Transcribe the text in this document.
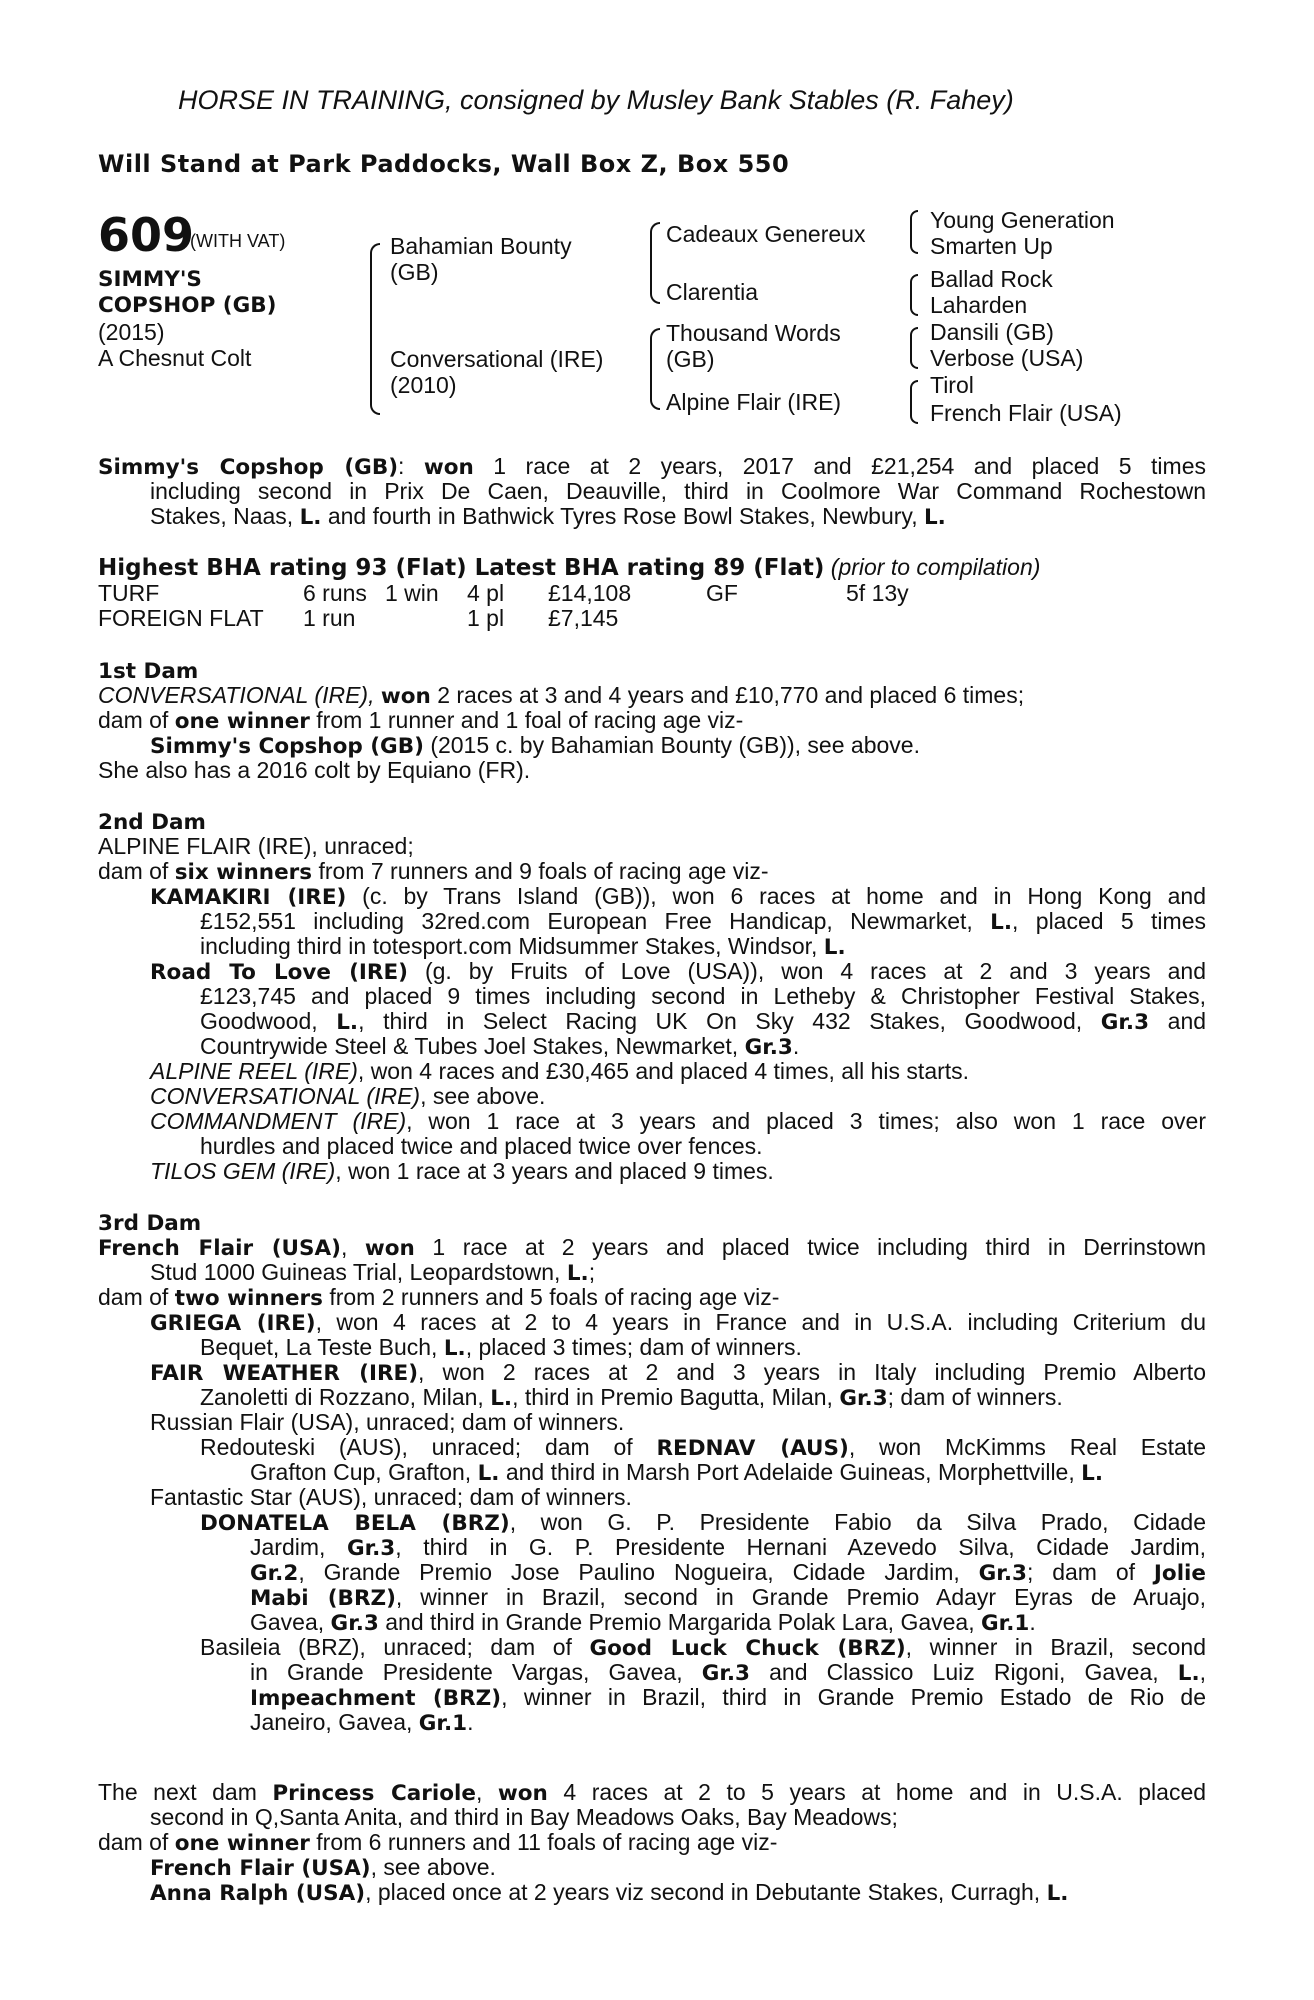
HORSE IN TRAINING, consigned by Musley Bank Stables (R. Fahey)
Will Stand at Park Paddocks, Wall Box Z, Box 550
609
(WITH VAT)
SIMMY'S
COPSHOP (GB)
(2015)
A Chesnut Colt
Bahamian Bounty
(GB)
Conversational (IRE)
(2010)
Cadeaux Genereux
Clarentia
Thousand Words
(GB)
Alpine Flair (IRE)
Young Generation
Smarten Up
Ballad Rock
Laharden
Dansili (GB)
Verbose (USA)
Tirol
French Flair (USA)
Simmy's Copshop (GB): won 1 race at 2 years, 2017 and £21,254 and placed 5 times
including second in Prix De Caen, Deauville, third in Coolmore War Command Rochestown
Stakes, Naas, L. and fourth in Bathwick Tyres Rose Bowl Stakes, Newbury, L.
Highest BHA rating 93 (Flat) Latest BHA rating 89 (Flat) (prior to compilation)
TURF	6 runs 1 win 4 pl £14,108	GF	5f 13y
FOREIGN FLAT 1 run	1 pl £7,145
1st Dam
CONVERSATIONAL (IRE), won 2 races at 3 and 4 years and £10,770 and placed 6 times;
dam of one winner from 1 runner and 1 foal of racing age viz-
Simmy's Copshop (GB) (2015 c. by Bahamian Bounty (GB)), see above.
She also has a 2016 colt by Equiano (FR).
2nd Dam
ALPINE FLAIR (IRE), unraced;
dam of six winners from 7 runners and 9 foals of racing age viz-
KAMAKIRI (IRE) (c. by Trans Island (GB)), won 6 races at home and in Hong Kong and
£152,551 including 32red.com European Free Handicap, Newmarket, L., placed 5 times
including third in totesport.com Midsummer Stakes, Windsor, L.
Road To Love (IRE) (g. by Fruits of Love (USA)), won 4 races at 2 and 3 years and
£123,745 and placed 9 times including second in Letheby & Christopher Festival Stakes,
Goodwood, L., third in Select Racing UK On Sky 432 Stakes, Goodwood, Gr.3 and
Countrywide Steel & Tubes Joel Stakes, Newmarket, Gr.3.
ALPINE REEL (IRE), won 4 races and £30,465 and placed 4 times, all his starts.
CONVERSATIONAL (IRE), see above.
COMMANDMENT (IRE), won 1 race at 3 years and placed 3 times; also won 1 race over
hurdles and placed twice and placed twice over fences.
TILOS GEM (IRE), won 1 race at 3 years and placed 9 times.
3rd Dam
French Flair (USA), won 1 race at 2 years and placed twice including third in Derrinstown
Stud 1000 Guineas Trial, Leopardstown, L.;
dam of two winners from 2 runners and 5 foals of racing age viz-
GRIEGA (IRE), won 4 races at 2 to 4 years in France and in U.S.A. including Criterium du
Bequet, La Teste Buch, L., placed 3 times; dam of winners.
FAIR WEATHER (IRE), won 2 races at 2 and 3 years in Italy including Premio Alberto
Zanoletti di Rozzano, Milan, L., third in Premio Bagutta, Milan, Gr.3; dam of winners.
Russian Flair (USA), unraced; dam of winners.
Redouteski (AUS), unraced; dam of REDNAV (AUS), won McKimms Real Estate
Grafton Cup, Grafton, L. and third in Marsh Port Adelaide Guineas, Morphettville, L.
Fantastic Star (AUS), unraced; dam of winners.
DONATELA BELA (BRZ), won G. P. Presidente Fabio da Silva Prado, Cidade
Jardim, Gr.3, third in G. P. Presidente Hernani Azevedo Silva, Cidade Jardim,
Gr.2, Grande Premio Jose Paulino Nogueira, Cidade Jardim, Gr.3; dam of Jolie
Mabi (BRZ), winner in Brazil, second in Grande Premio Adayr Eyras de Aruajo,
Gavea, Gr.3 and third in Grande Premio Margarida Polak Lara, Gavea, Gr.1.
Basileia (BRZ), unraced; dam of Good Luck Chuck (BRZ), winner in Brazil, second
in Grande Presidente Vargas, Gavea, Gr.3 and Classico Luiz Rigoni, Gavea, L.,
Impeachment (BRZ), winner in Brazil, third in Grande Premio Estado de Rio de
Janeiro, Gavea, Gr.1.
The next dam Princess Cariole, won 4 races at 2 to 5 years at home and in U.S.A. placed
second in Q,Santa Anita, and third in Bay Meadows Oaks, Bay Meadows;
dam of one winner from 6 runners and 11 foals of racing age viz-
French Flair (USA), see above.
Anna Ralph (USA), placed once at 2 years viz second in Debutante Stakes, Curragh, L.
